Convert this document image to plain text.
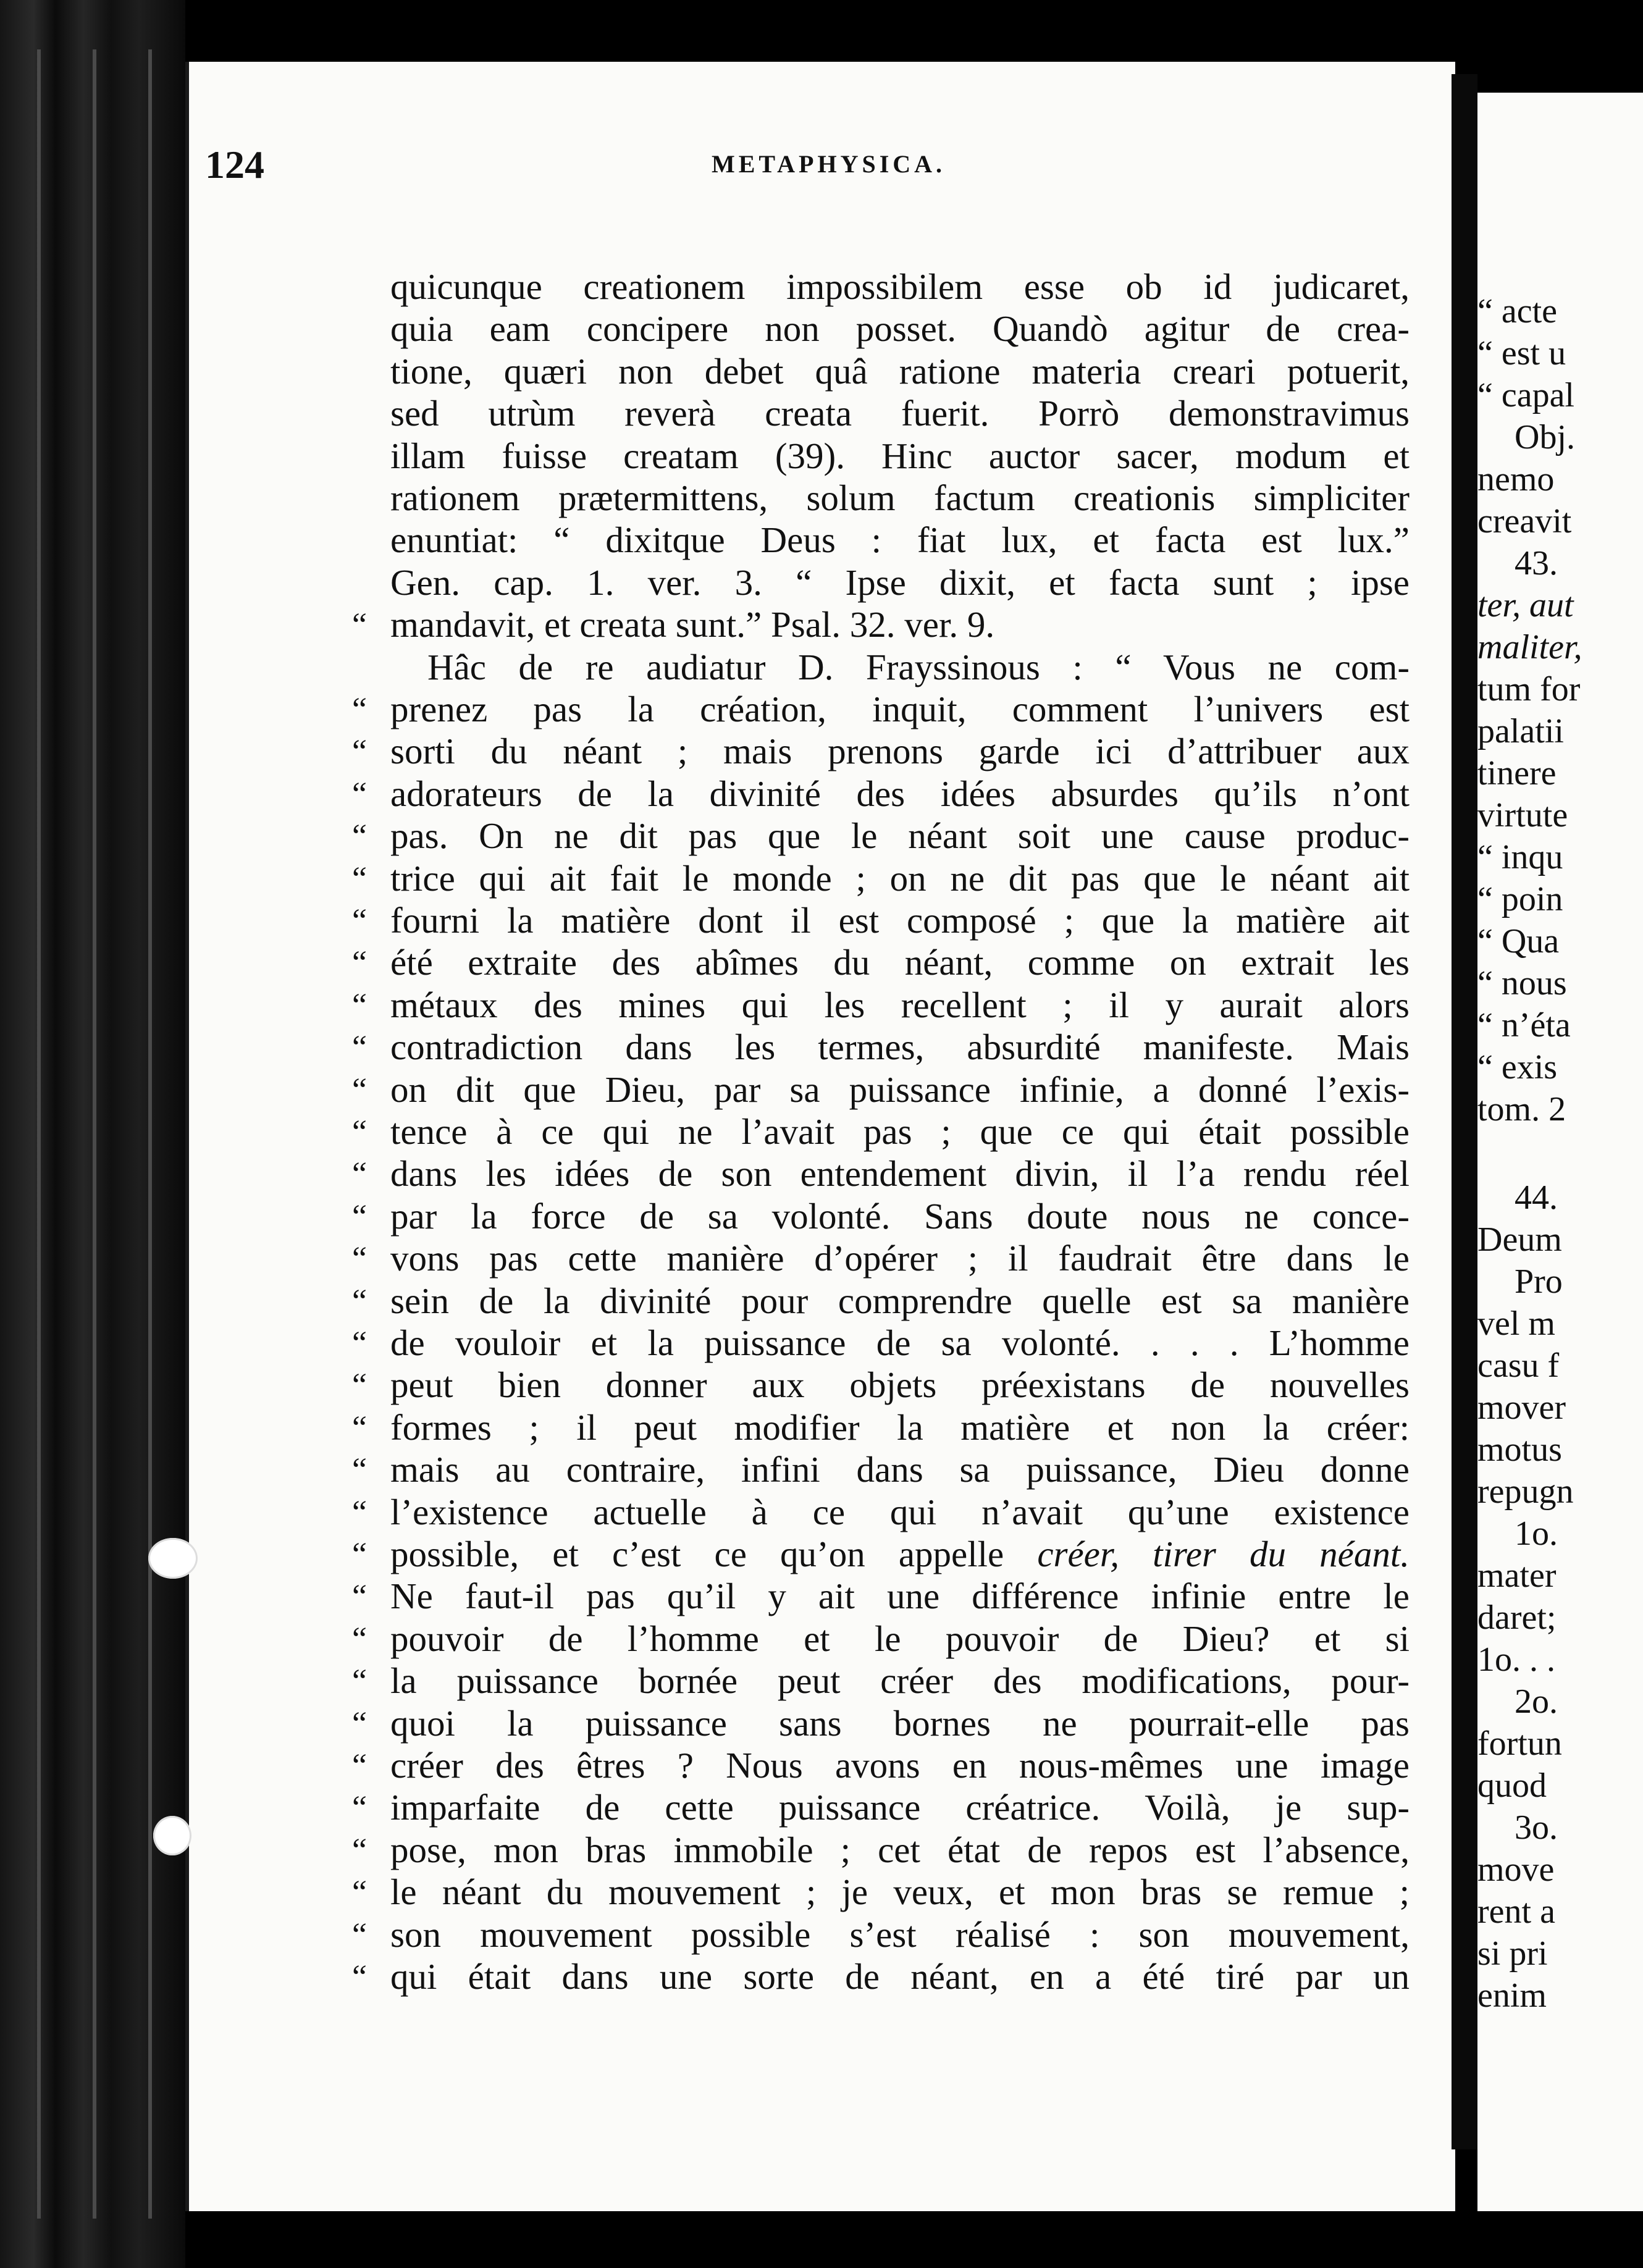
“ acte
“ est u
“ capal
Obj.
nemo
creavit
43.
ter, aut
maliter,
tum for
palatii
tinere
virtute
“ inqu
“ poin
“ Qua
“ nous
“ n’éta
“ exis
tom. 2
44.
Deum
Pro
vel m
casu f
mover
motus
repugn
1o.
mater
daret;
1o. . .
2o.
fortun
quod
3o.
move
rent a
si pri
enim
124	METAPHYSICA.
quicunque creationem impossibilem esse ob id judicaret,
quia eam concipere non posset. Quandò agitur de crea-
tione, quæri non debet quâ ratione materia creari potuerit,
sed utrùm reverà creata fuerit. Porrò demonstravimus
illam fuisse creatam (39). Hinc auctor sacer, modum et
rationem prætermittens, solum factum creationis simpliciter
enuntiat: “ dixitque Deus : fiat lux, et facta est lux.”
Gen. cap. 1. ver. 3. “ Ipse dixit, et facta sunt ; ipse
“ mandavit, et creata sunt.” Psal. 32. ver. 9.
Hâc de re audiatur D. Frayssinous : “ Vous ne com-
“ prenez pas la création, inquit, comment l’univers est
“ sorti du néant ; mais prenons garde ici d’attribuer aux
“ adorateurs de la divinité des idées absurdes qu’ils n’ont
“ pas. On ne dit pas que le néant soit une cause produc-
“ trice qui ait fait le monde ; on ne dit pas que le néant ait
“ fourni la matière dont il est composé ; que la matière ait
“ été extraite des abîmes du néant, comme on extrait les
“ métaux des mines qui les recellent ; il y aurait alors
“ contradiction dans les termes, absurdité manifeste. Mais
“ on dit que Dieu, par sa puissance infinie, a donné l’exis-
“ tence à ce qui ne l’avait pas ; que ce qui était possible
“ dans les idées de son entendement divin, il l’a rendu réel
“ par la force de sa volonté. Sans doute nous ne conce-
“ vons pas cette manière d’opérer ; il faudrait être dans le
“ sein de la divinité pour comprendre quelle est sa manière
“ de vouloir et la puissance de sa volonté. . . . L’homme
“ peut bien donner aux objets préexistans de nouvelles
“ formes ; il peut modifier la matière et non la créer:
“ mais au contraire, infini dans sa puissance, Dieu donne
“ l’existence actuelle à ce qui n’avait qu’une existence
“ possible, et c’est ce qu’on appelle créer, tirer du néant.
“ Ne faut-il pas qu’il y ait une différence infinie entre le
“ pouvoir de l’homme et le pouvoir de Dieu? et si
“ la puissance bornée peut créer des modifications, pour-
“ quoi la puissance sans bornes ne pourrait-elle pas
“ créer des êtres ? Nous avons en nous-mêmes une image
“ imparfaite de cette puissance créatrice. Voilà, je sup-
“ pose, mon bras immobile ; cet état de repos est l’absence,
“ le néant du mouvement ; je veux, et mon bras se remue ;
“ son mouvement possible s’est réalisé : son mouvement,
“ qui était dans une sorte de néant, en a été tiré par un
